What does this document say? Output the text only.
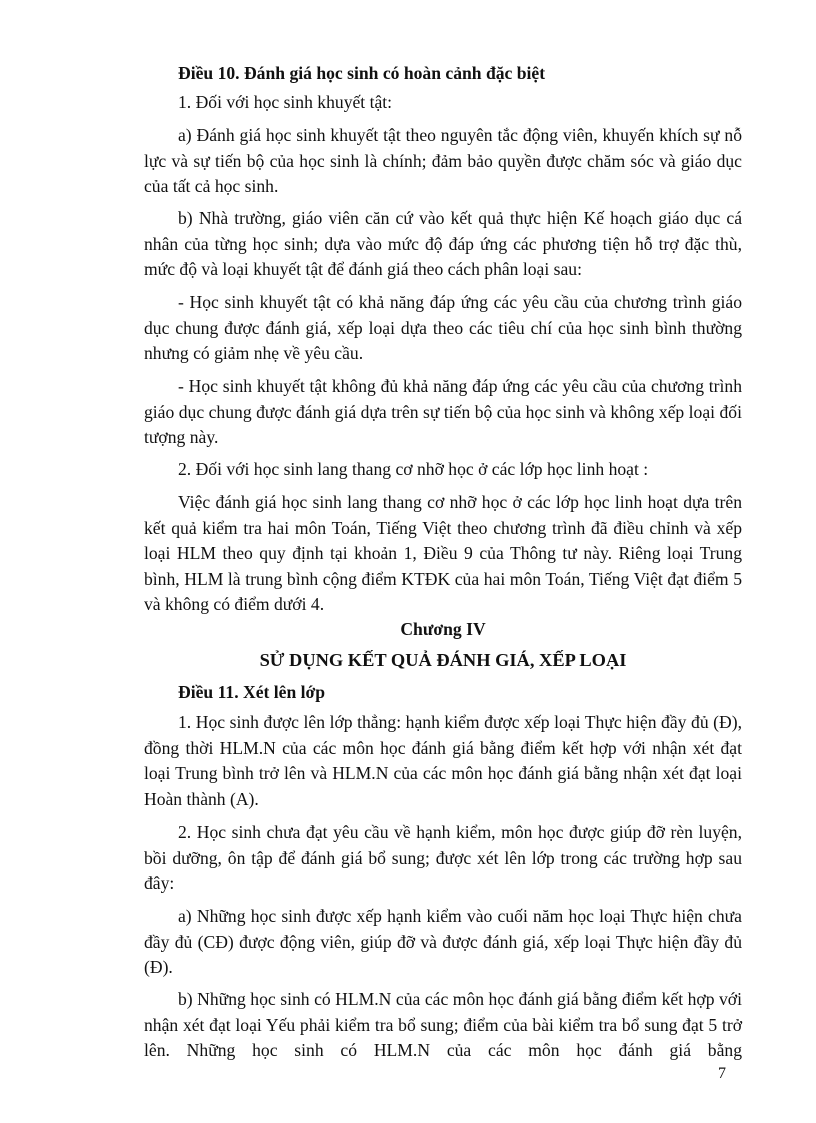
Điều 10. Đánh giá học sinh có hoàn cảnh đặc biệt

1. Đối với học sinh khuyết tật:

a) Đánh giá học sinh khuyết tật theo nguyên tắc động viên, khuyến khích sự nỗ lực và sự tiến bộ của học sinh là chính; đảm bảo quyền được chăm sóc và giáo dục của tất cả học sinh.

b) Nhà trường, giáo viên căn cứ vào kết quả thực hiện Kế hoạch giáo dục cá nhân của từng học sinh; dựa vào mức độ đáp ứng các phương tiện hỗ trợ đặc thù, mức độ và loại khuyết tật để đánh giá theo cách phân loại sau:

- Học sinh khuyết tật có khả năng đáp ứng các yêu cầu của chương trình giáo dục chung được đánh giá, xếp loại dựa theo các tiêu chí của học sinh bình thường nhưng có giảm nhẹ về yêu cầu.

- Học sinh khuyết tật không đủ khả năng đáp ứng các yêu cầu của chương trình giáo dục chung được đánh giá dựa trên sự tiến bộ của học sinh và không xếp loại đối tượng này.

2. Đối với học sinh lang thang cơ nhỡ học ở các lớp học linh hoạt :

Việc đánh giá học sinh lang thang cơ nhỡ học ở các lớp học linh hoạt dựa trên kết quả kiểm tra hai môn Toán, Tiếng Việt theo chương trình đã điều chỉnh và xếp loại HLM theo quy định tại khoản 1, Điều 9 của Thông tư này. Riêng loại Trung bình, HLM là trung bình cộng điểm KTĐK của hai môn Toán, Tiếng Việt đạt điểm 5 và không có điểm dưới 4.

Chương IV
SỬ DỤNG KẾT QUẢ ĐÁNH GIÁ, XẾP LOẠI

Điều 11. Xét lên lớp

1. Học sinh được lên lớp thẳng: hạnh kiểm được xếp loại Thực hiện đầy đủ (Đ), đồng thời HLM.N của các môn học đánh giá bằng điểm kết hợp với nhận xét đạt loại Trung bình trở lên và HLM.N của các môn học đánh giá bằng nhận xét đạt loại Hoàn thành (A).

2. Học sinh chưa đạt yêu cầu về hạnh kiểm, môn học được giúp đỡ rèn luyện, bồi dưỡng, ôn tập để đánh giá bổ sung; được xét lên lớp trong các trường hợp sau đây:

a) Những học sinh được xếp hạnh kiểm vào cuối năm học loại Thực hiện chưa đầy đủ (CĐ) được động viên, giúp đỡ và được đánh giá, xếp loại Thực hiện đầy đủ (Đ).

b) Những học sinh có HLM.N của các môn học đánh giá bằng điểm kết hợp với nhận xét đạt loại Yếu phải kiểm tra bổ sung; điểm của bài kiểm tra bổ sung đạt 5 trở lên. Những học sinh có HLM.N của các môn học đánh giá bằng

7
